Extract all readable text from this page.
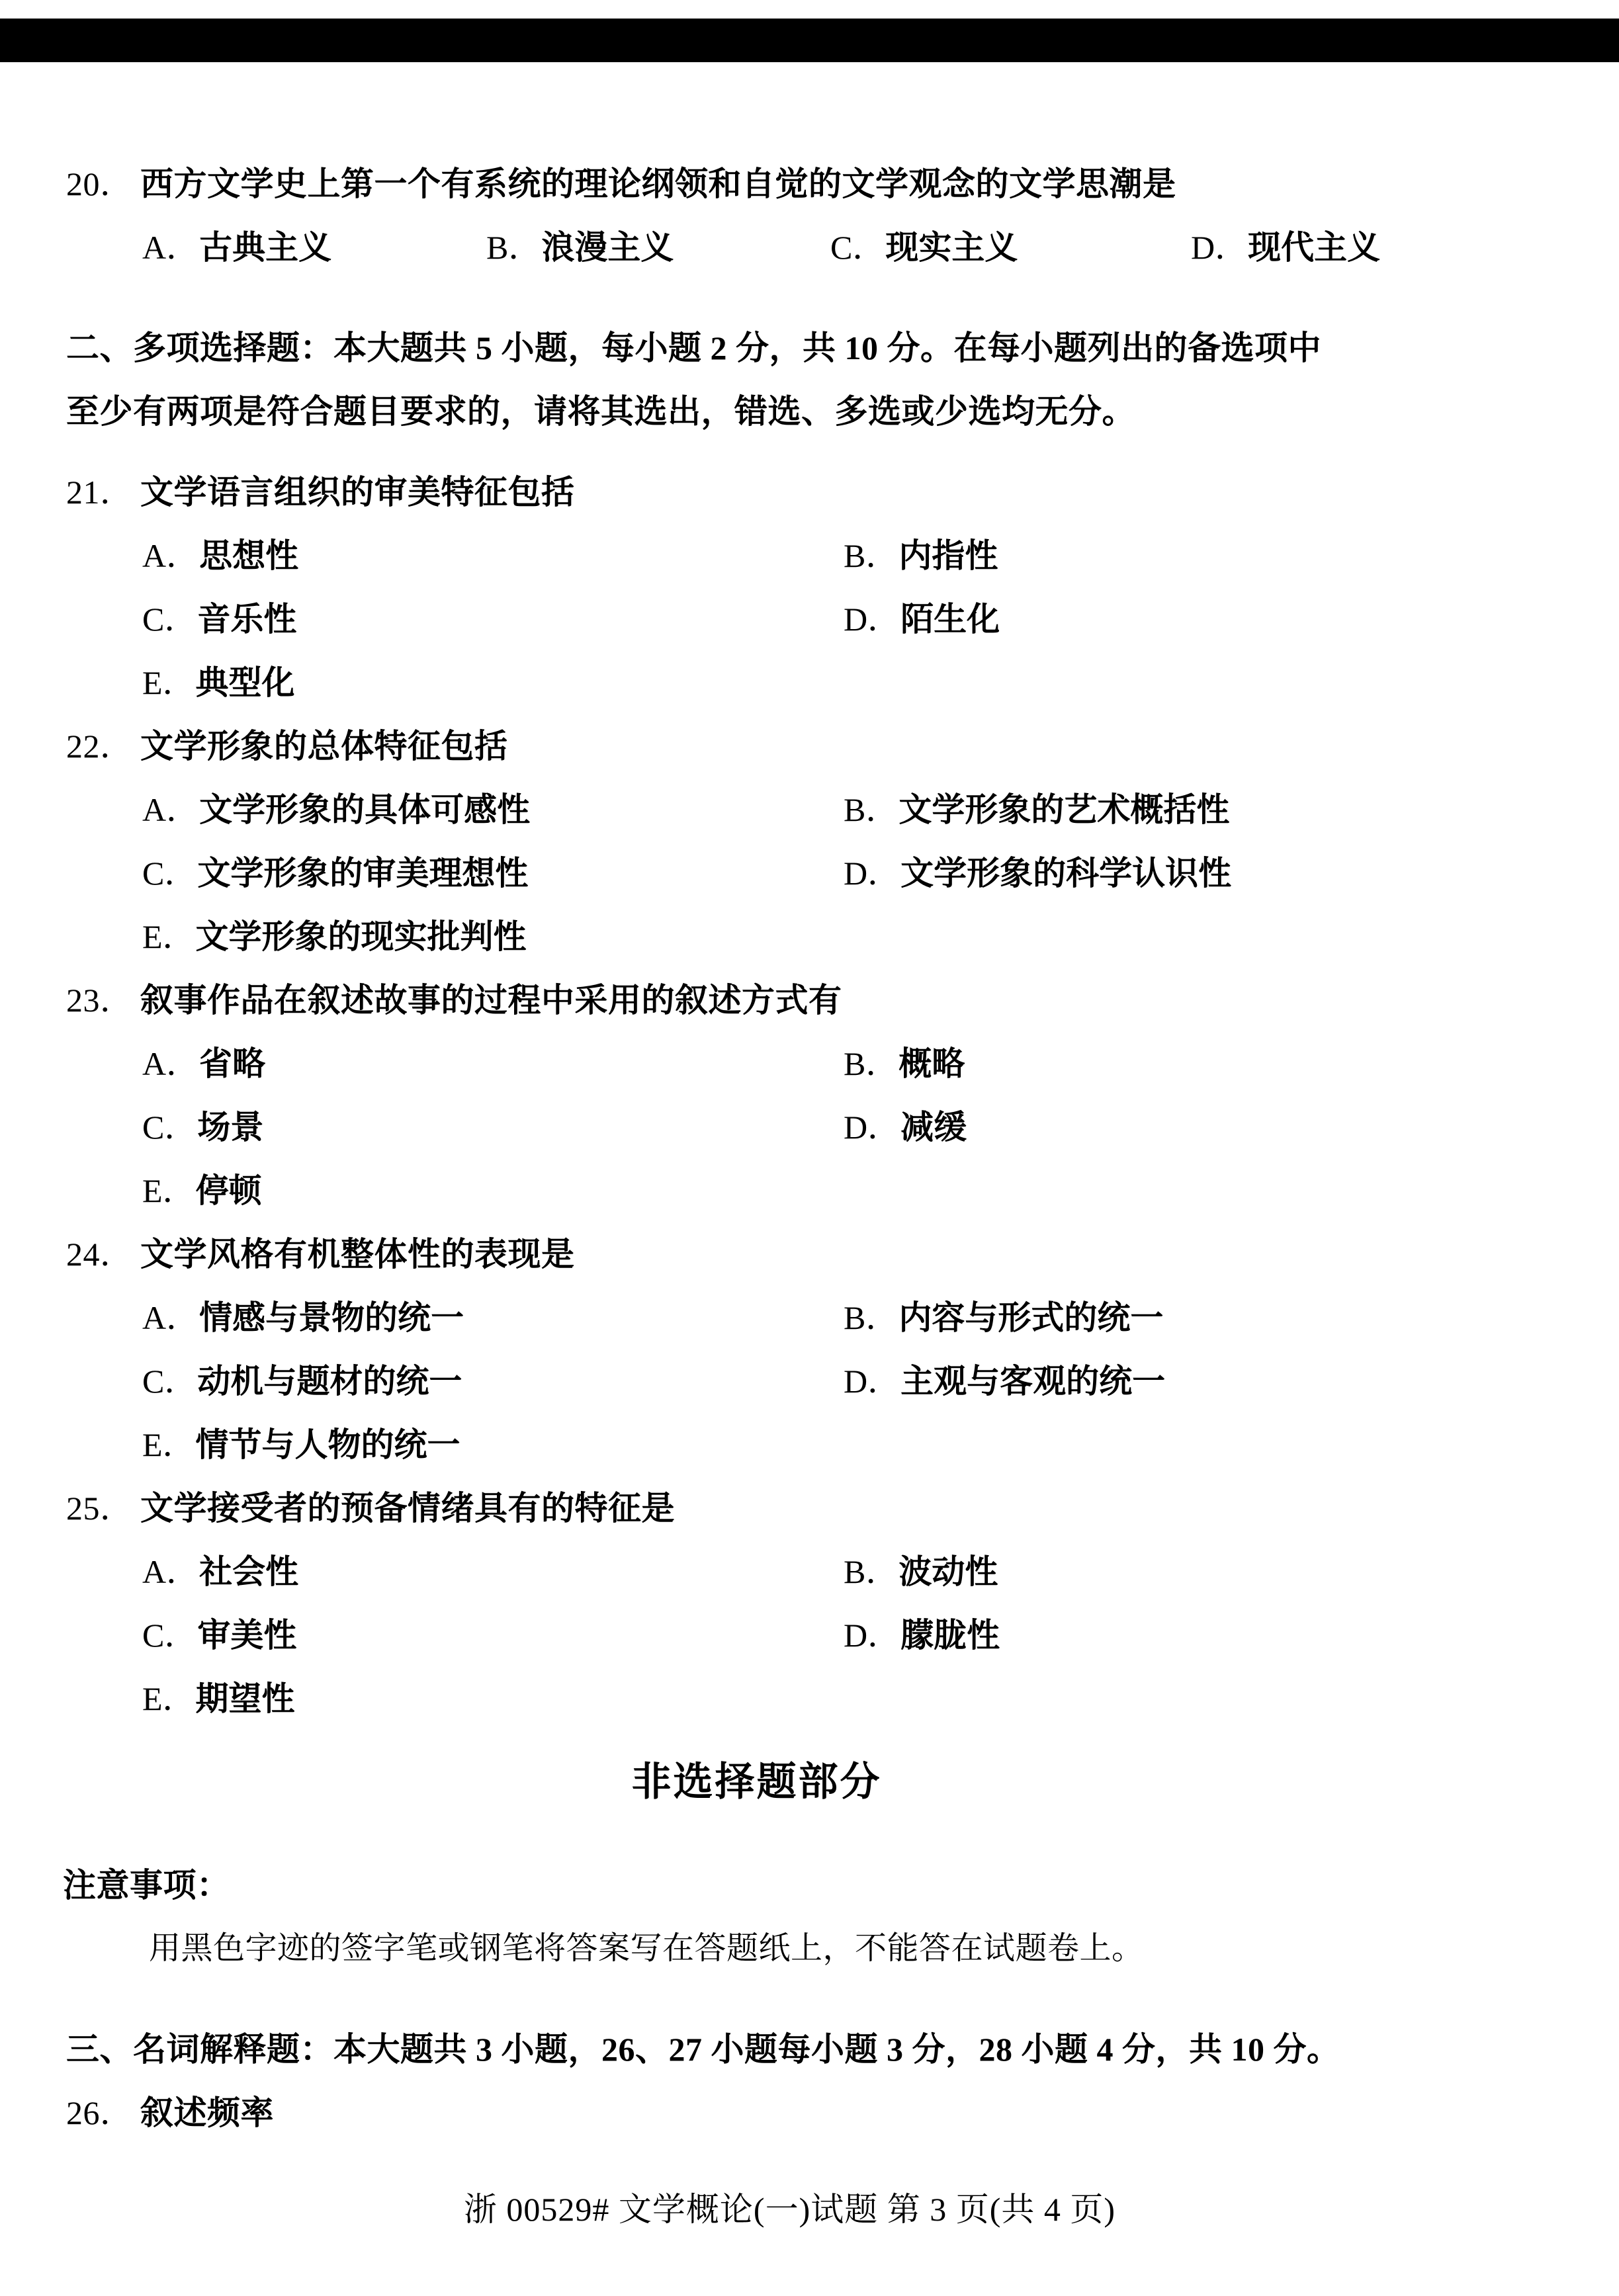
20． 西方文学史上第一个有系统的理论纲领和自觉的文学观念的文学思潮是
A．古典主义	B．浪漫主义	C．现实主义	D．现代主义
二、多项选择题：本大题共 5 小题，每小题 2 分，共 10 分。在每小题列出的备选项中
至少有两项是符合题目要求的，请将其选出，错选、多选或少选均无分。
21． 文学语言组织的审美特征包括
A．思想性	B．内指性
C．音乐性	D．陌生化
E．典型化
22． 文学形象的总体特征包括
A．文学形象的具体可感性	B．文学形象的艺术概括性
C．文学形象的审美理想性	D．文学形象的科学认识性
E．文学形象的现实批判性
23． 叙事作品在叙述故事的过程中采用的叙述方式有
A．省略	B．概略
C．场景	D．减缓
E．停顿
24． 文学风格有机整体性的表现是
A．情感与景物的统一	B．内容与形式的统一
C．动机与题材的统一	D．主观与客观的统一
E．情节与人物的统一
25． 文学接受者的预备情绪具有的特征是
A．社会性	B．波动性
C．审美性	D．朦胧性
E．期望性
非选择题部分
注意事项：
用黑色字迹的签字笔或钢笔将答案写在答题纸上，不能答在试题卷上。
三、名词解释题：本大题共 3 小题，26、27 小题每小题 3 分，28 小题 4 分，共 10 分。
26． 叙述频率
浙 00529# 文学概论(一)试题 第 3 页(共 4 页)
